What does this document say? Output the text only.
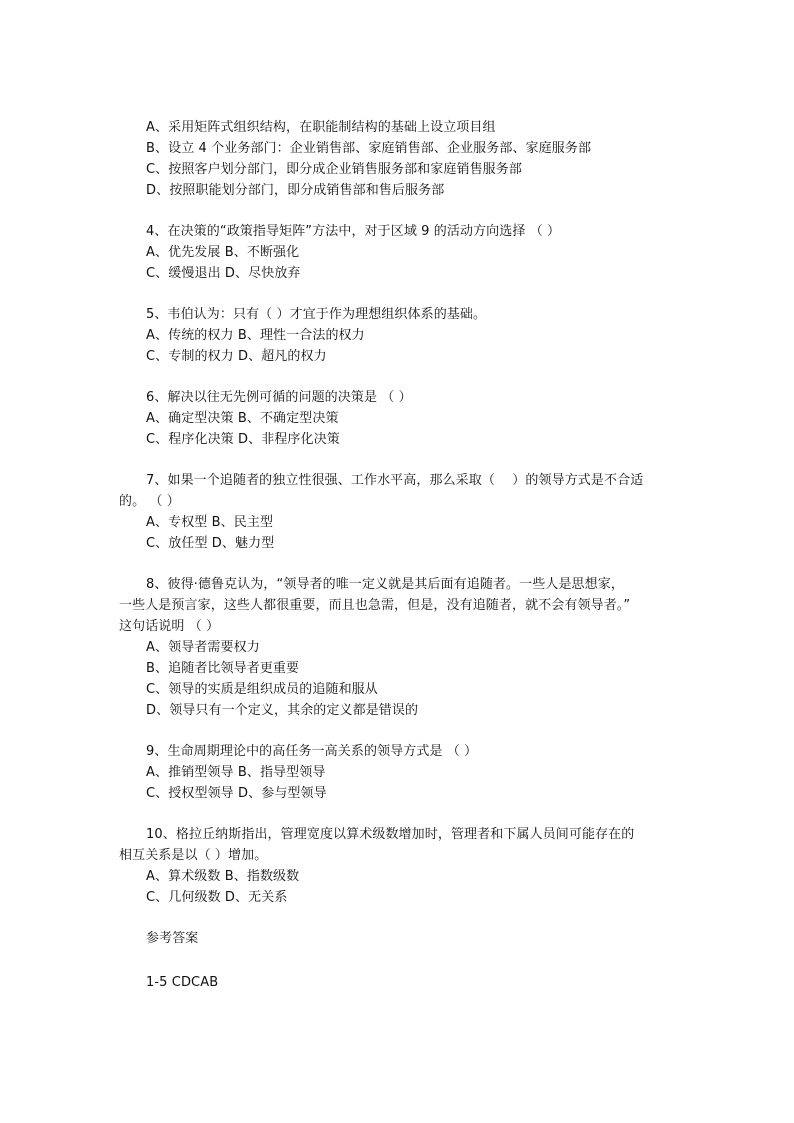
A、采用矩阵式组织结构，在职能制结构的基础上设立项目组
B、设立 4 个业务部门：企业销售部、家庭销售部、企业服务部、家庭服务部
C、按照客户划分部门，即分成企业销售服务部和家庭销售服务部
D、按照职能划分部门，即分成销售部和售后服务部
4、在决策的“政策指导矩阵”方法中，对于区域 9 的活动方向选择 （ ）
A、优先发展 B、不断强化
C、缓慢退出 D、尽快放弃
5、韦伯认为：只有（ ）才宜于作为理想组织体系的基础。
A、传统的权力 B、理性一合法的权力
C、专制的权力 D、超凡的权力
6、解决以往无先例可循的问题的决策是 （ ）
A、确定型决策 B、不确定型决策
C、程序化决策 D、非程序化决策
7、如果一个追随者的独立性很强、工作水平高，那么采取（　 ）的领导方式是不合适
的。 （ ）
A、专权型 B、民主型
C、放任型 D、魅力型
8、彼得·德鲁克认为，“领导者的唯一定义就是其后面有追随者。一些人是思想家，
一些人是预言家，这些人都很重要，而且也急需，但是，没有追随者，就不会有领导者。”
这句话说明 （ ）
A、领导者需要权力
B、追随者比领导者更重要
C、领导的实质是组织成员的追随和服从
D、领导只有一个定义，其余的定义都是错误的
9、生命周期理论中的高任务一高关系的领导方式是 （ ）
A、推销型领导 B、指导型领导
C、授权型领导 D、参与型领导
10、格拉丘纳斯指出，管理宽度以算术级数增加时，管理者和下属人员间可能存在的
相互关系是以（ ）增加。
A、算术级数 B、指数级数
C、几何级数 D、无关系
参考答案
1-5 CDCAB
